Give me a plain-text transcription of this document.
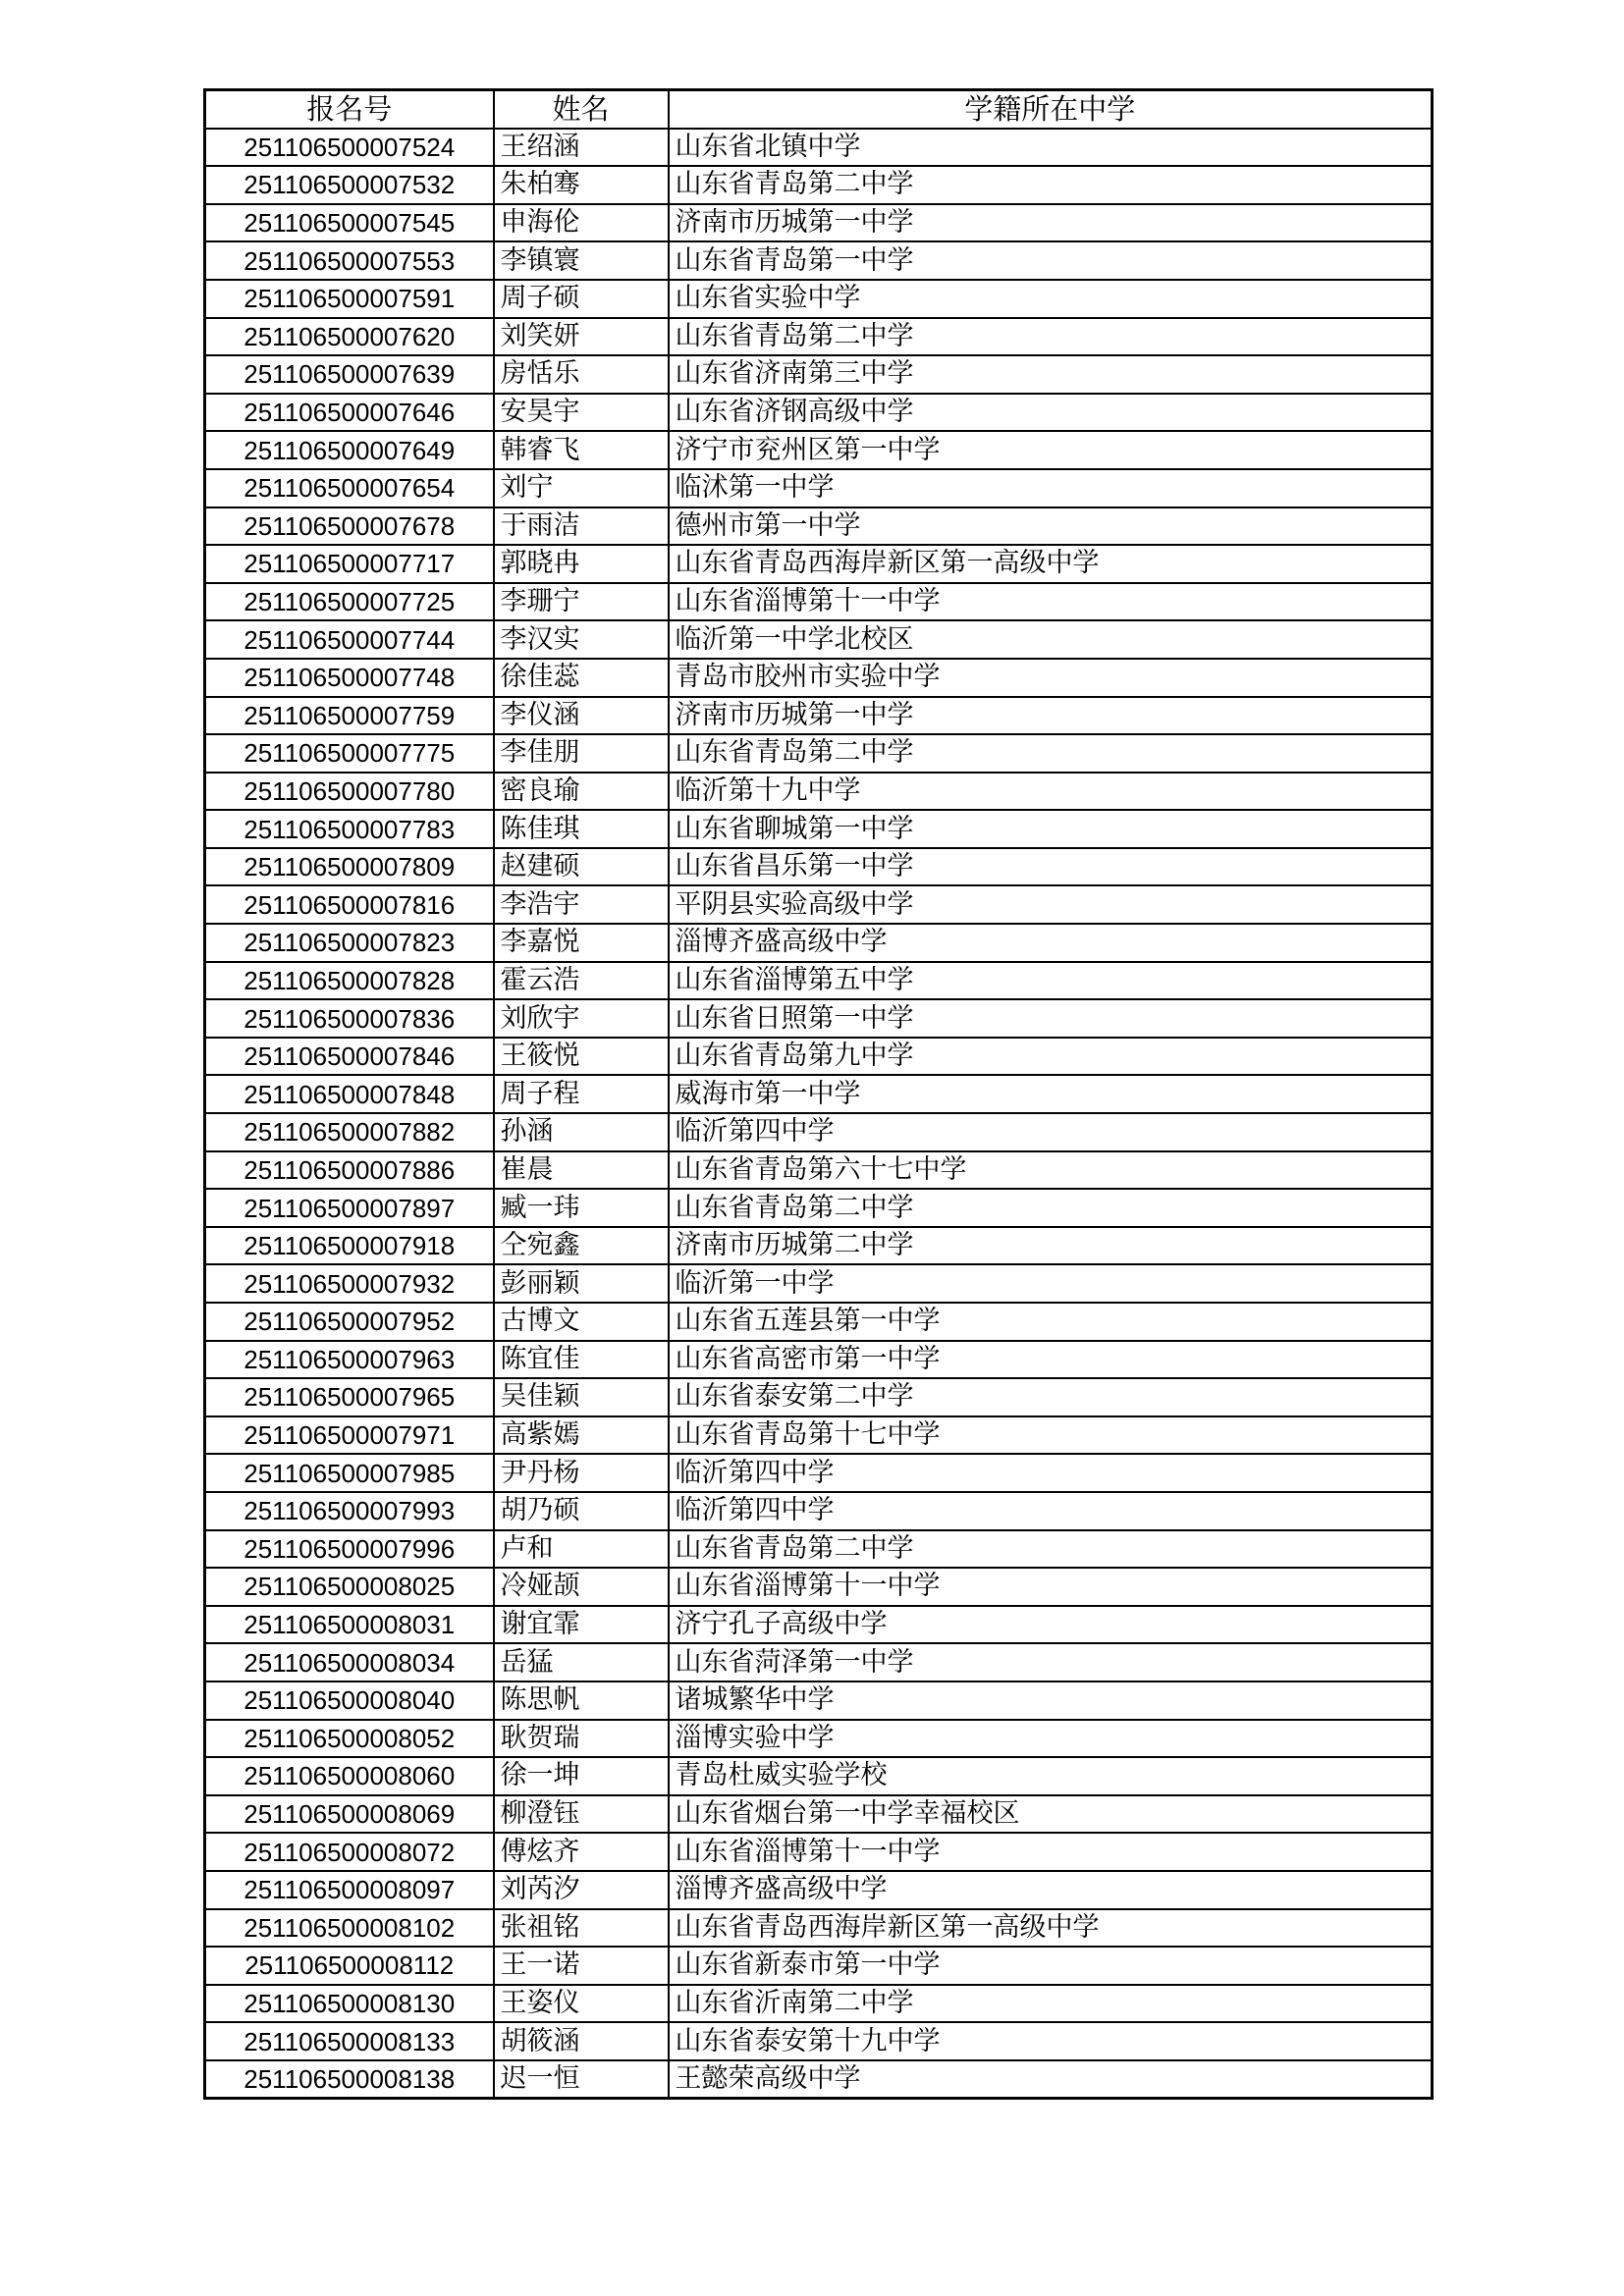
报名号	姓名	学籍所在中学
251106500007524	王绍涵	山东省北镇中学
251106500007532	朱柏骞	山东省青岛第二中学
251106500007545	申海伦	济南市历城第一中学
251106500007553	李镇寰	山东省青岛第一中学
251106500007591	周子硕	山东省实验中学
251106500007620	刘笑妍	山东省青岛第二中学
251106500007639	房恬乐	山东省济南第三中学
251106500007646	安昊宇	山东省济钢高级中学
251106500007649	韩睿飞	济宁市兖州区第一中学
251106500007654	刘宁	临沭第一中学
251106500007678	于雨洁	德州市第一中学
251106500007717	郭晓冉	山东省青岛西海岸新区第一高级中学
251106500007725	李珊宁	山东省淄博第十一中学
251106500007744	李汉实	临沂第一中学北校区
251106500007748	徐佳蕊	青岛市胶州市实验中学
251106500007759	李仪涵	济南市历城第一中学
251106500007775	李佳朋	山东省青岛第二中学
251106500007780	密良瑜	临沂第十九中学
251106500007783	陈佳琪	山东省聊城第一中学
251106500007809	赵建硕	山东省昌乐第一中学
251106500007816	李浩宇	平阴县实验高级中学
251106500007823	李嘉悦	淄博齐盛高级中学
251106500007828	霍云浩	山东省淄博第五中学
251106500007836	刘欣宇	山东省日照第一中学
251106500007846	王筱悦	山东省青岛第九中学
251106500007848	周子程	威海市第一中学
251106500007882	孙涵	临沂第四中学
251106500007886	崔晨	山东省青岛第六十七中学
251106500007897	臧一玮	山东省青岛第二中学
251106500007918	仝宛鑫	济南市历城第二中学
251106500007932	彭丽颖	临沂第一中学
251106500007952	古博文	山东省五莲县第一中学
251106500007963	陈宜佳	山东省高密市第一中学
251106500007965	吴佳颖	山东省泰安第二中学
251106500007971	高紫嫣	山东省青岛第十七中学
251106500007985	尹丹杨	临沂第四中学
251106500007993	胡乃硕	临沂第四中学
251106500007996	卢和	山东省青岛第二中学
251106500008025	冷娅颉	山东省淄博第十一中学
251106500008031	谢宜霏	济宁孔子高级中学
251106500008034	岳猛	山东省菏泽第一中学
251106500008040	陈思帆	诸城繁华中学
251106500008052	耿贺瑞	淄博实验中学
251106500008060	徐一坤	青岛杜威实验学校
251106500008069	柳澄钰	山东省烟台第一中学幸福校区
251106500008072	傅炫齐	山东省淄博第十一中学
251106500008097	刘芮汐	淄博齐盛高级中学
251106500008102	张祖铭	山东省青岛西海岸新区第一高级中学
251106500008112	王一诺	山东省新泰市第一中学
251106500008130	王姿仪	山东省沂南第二中学
251106500008133	胡筱涵	山东省泰安第十九中学
251106500008138	迟一恒	王懿荣高级中学
